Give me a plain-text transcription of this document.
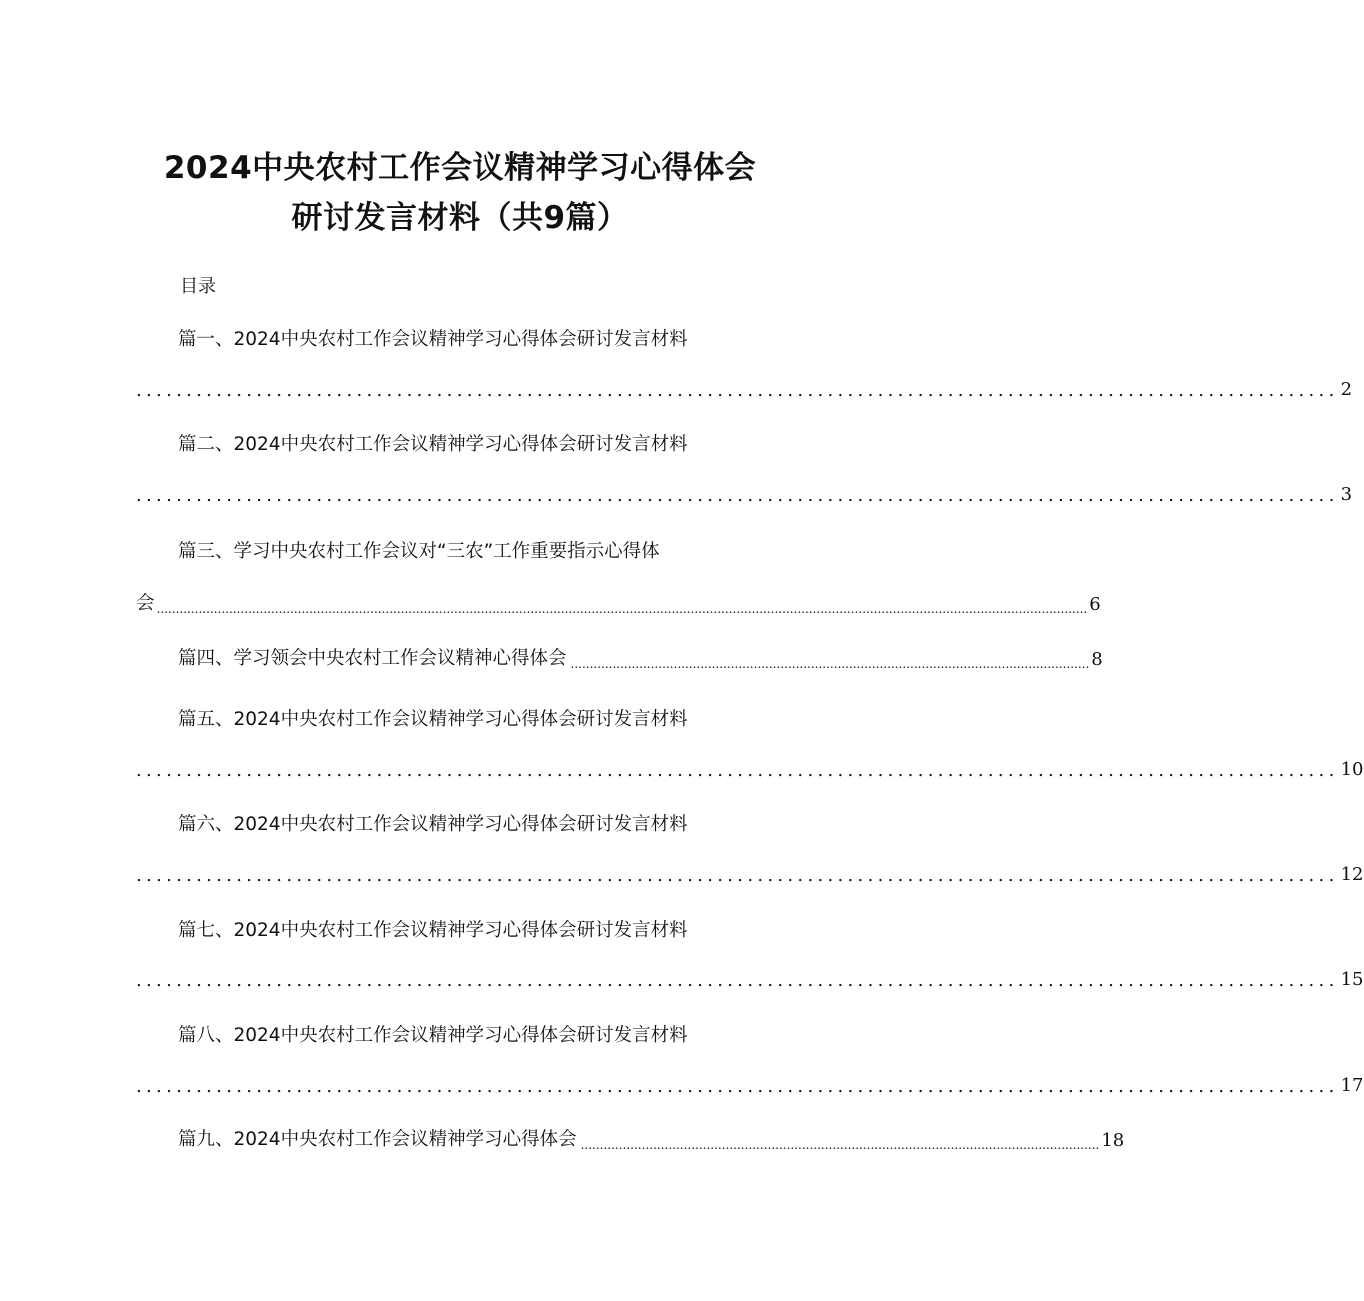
2024中央农村工作会议精神学习心得体会
研讨发言材料（共9篇）
目录
篇一、2024中央农村工作会议精神学习心得体会研讨发言材料
........................................................................................................................ 2
篇二、2024中央农村工作会议精神学习心得体会研讨发言材料
........................................................................................................................ 3
篇三、学习中央农村工作会议对“三农”工作重要指示心得体
会 .................................................................................................................................................................................................................................................... 6
篇四、学习领会中央农村工作会议精神心得体会 ........................................................................................................................................ 8
篇五、2024中央农村工作会议精神学习心得体会研讨发言材料
........................................................................................................................ 10
篇六、2024中央农村工作会议精神学习心得体会研讨发言材料
........................................................................................................................ 12
篇七、2024中央农村工作会议精神学习心得体会研讨发言材料
........................................................................................................................ 15
篇八、2024中央农村工作会议精神学习心得体会研讨发言材料
........................................................................................................................ 17
篇九、2024中央农村工作会议精神学习心得体会 ........................................................................................................................................ 18
